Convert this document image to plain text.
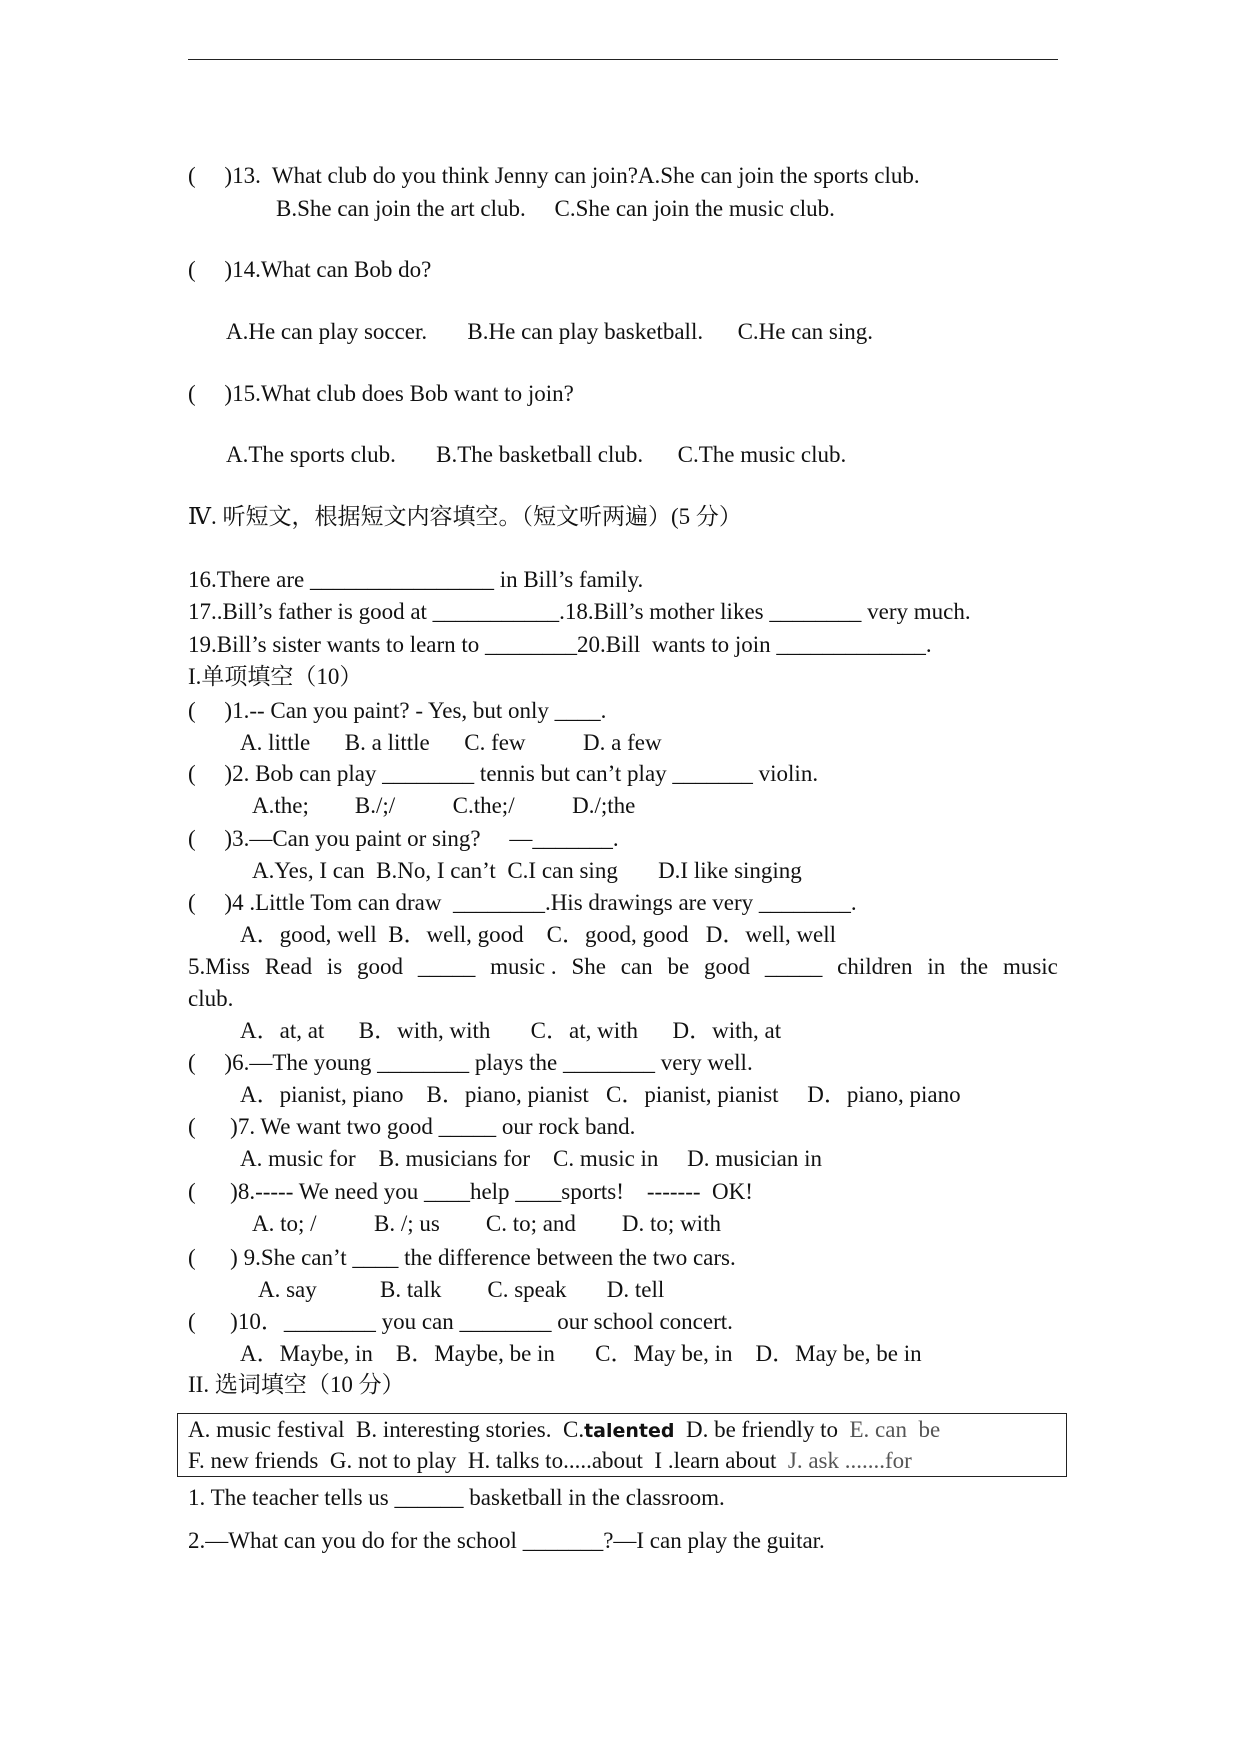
(     )13.  What club do you think Jenny can join?A.She can join the sports club.
B.She can join the art club.     C.She can join the music club.
(     )14.What can Bob do?
A.He can play soccer.       B.He can play basketball.      C.He can sing.
(     )15.What club does Bob want to join?
A.The sports club.       B.The basketball club.      C.The music club.
Ⅳ. 听短文，根据短文内容填空。（短文听两遍）(5 分）
16.There are ________________ in Bill’s family.
17..Bill’s father is good at ___________.18.Bill’s mother likes ________ very much.
19.Bill’s sister wants to learn to ________20.Bill  wants to join _____________.
I.单项填空（10）
(     )1.-- Can you paint? - Yes, but only ____.
A. little      B. a little      C. few          D. a few
(     )2. Bob can play ________ tennis but can’t play _______ violin.
A.the;        B./;/          C.the;/          D./;the
(     )3.—Can you paint or sing?     —_______.
A.Yes, I can  B.No, I can’t  C.I can sing       D.I like singing
(     )4 .Little Tom can draw  ________.His drawings are very ________.
A．good, well  B．well, good    C．good, good   D．well, well
5.Miss Read is good _____ music . She can be good _____ children in the music
club.
A．at, at      B．with, with       C．at, with      D．with, at
(     )6.—The young ________ plays the ________ very well.
A．pianist, piano    B．piano, pianist   C．pianist, pianist     D．piano, piano
(      )7. We want two good _____ our rock band.
A. music for    B. musicians for    C. music in     D. musician in
(      )8.----- We need you ____help ____sports!    -------  OK!
A. to; /          B. /; us        C. to; and        D. to; with
(      ) 9.She can’t ____ the difference between the two cars.
A. say           B. talk        C. speak       D. tell
(      )10．________ you can ________ our school concert.
A．Maybe, in    B．Maybe, be in       C．May be, in    D．May be, be in
II. 选词填空（10 分）
A. music festival  B. interesting stories.  C.talented  D. be friendly to  E. can  be
F. new friends  G. not to play  H. talks to.....about  I .learn about  J. ask .......for
1. The teacher tells us ______ basketball in the classroom.
2.—What can you do for the school _______?—I can play the guitar.
